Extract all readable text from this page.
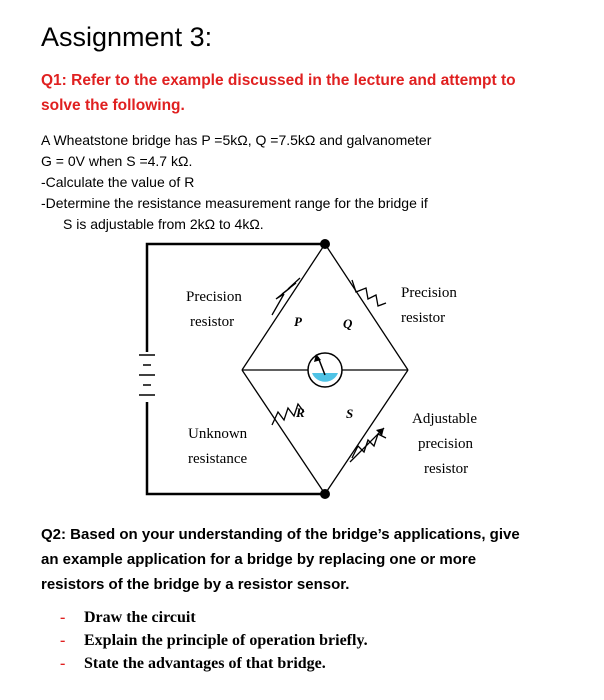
Assignment 3:
Q1: Refer to the example discussed in the lecture and attempt to
solve the following.
A Wheatstone bridge has P =5kΩ, Q =7.5kΩ and galvanometer
G = 0V when S =4.7 kΩ.
-Calculate the value of R
-Determine the resistance measurement range for the bridge if
S is adjustable from 2kΩ to 4kΩ.
Precision
resistor
Precision
resistor
Unknown
resistance
Adjustable
precision
resistor
P	Q
R	S
Q2: Based on your understanding of the bridge’s applications, give
an example application for a bridge by replacing one or more
resistors of the bridge by a resistor sensor.
- Draw the circuit
- Explain the principle of operation briefly.
- State the advantages of that bridge.
